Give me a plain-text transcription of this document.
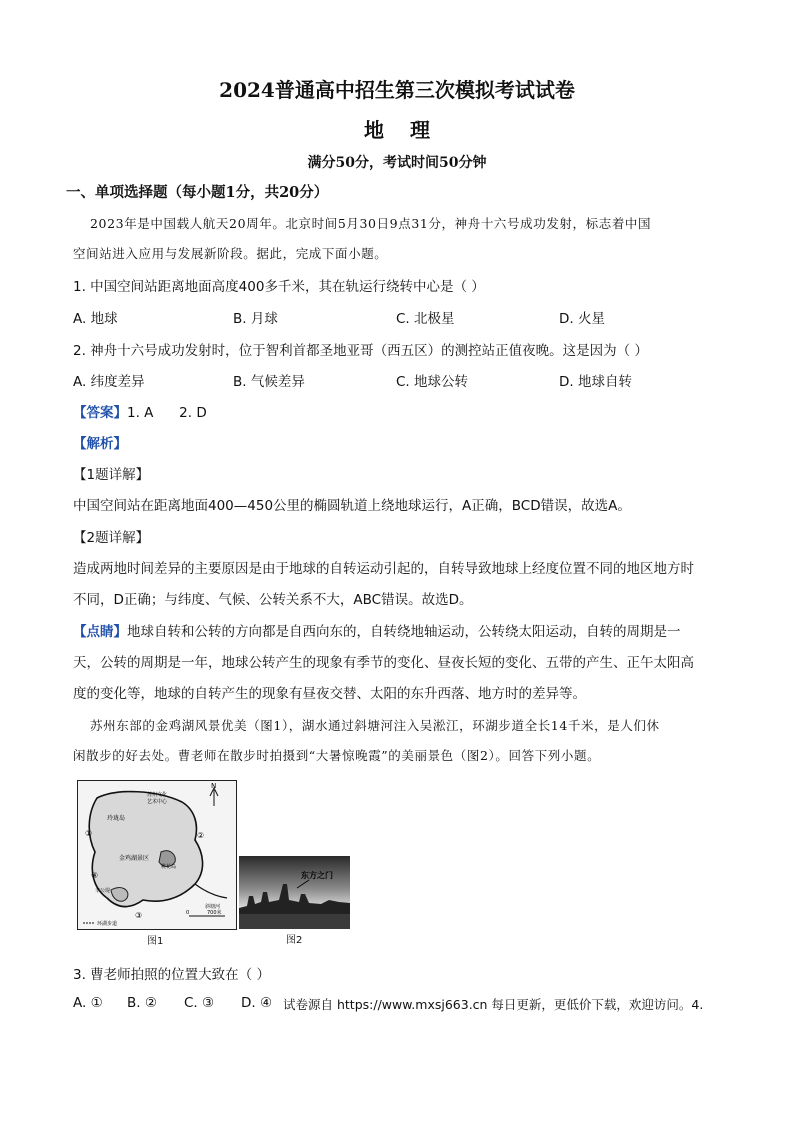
2024普通高中招生第三次模拟考试试卷
地理
满分50分，考试时间50分钟
一、单项选择题（每小题1分，共20分）
2023年是中国载人航天20周年。北京时间5月30日9点31分，神舟十六号成功发射，标志着中国
空间站进入应用与发展新阶段。据此，完成下面小题。
1. 中国空间站距离地面高度400多千米，其在轨运行绕转中心是（ ）
A. 地球	B. 月球	C. 北极星	D. 火星
2. 神舟十六号成功发射时，位于智利首都圣地亚哥（西五区）的测控站正值夜晚。这是因为（ ）
A. 纬度差异	B. 气候差异	C. 地球公转	D. 地球自转
【答案】1. A      2. D
【解析】
【1题详解】
中国空间站在距离地面400—450公里的椭圆轨道上绕地球运行，A正确，BCD错误，故选A。
【2题详解】
造成两地时间差异的主要原因是由于地球的自转运动引起的，自转导致地球上经度位置不同的地区地方时
不同，D正确；与纬度、气候、公转关系不大，ABC错误。故选D。
【点睛】地球自转和公转的方向都是自西向东的，自转绕地轴运动，公转绕太阳运动，自转的周期是一
天，公转的周期是一年，地球公转产生的现象有季节的变化、昼夜长短的变化、五带的产生、正午太阳高
度的变化等，地球的自转产生的现象有昼夜交替、太阳的东升西落、地方时的差异等。
苏州东部的金鸡湖风景优美（图1），湖水通过斜塘河注入吴淞江，环湖步道全长14千米，是人们休
闲散步的好去处。曹老师在散步时拍摄到“大暑惊晚霞”的美丽景色（图2）。回答下列小题。
N
苏州文化
艺术中心
玲珑岛
金鸡湖景区
桃花岛
李公堤
斜塘河
0	700米
环湖步道
①	②
③
④
图1
东方之门
图2
3. 曹老师拍照的位置大致在（ ）
A. ① B. ② C. ③ D. ④ 试卷源自 https://www.mxsj663.cn 每日更新，更低价下载，欢迎访问。4.
